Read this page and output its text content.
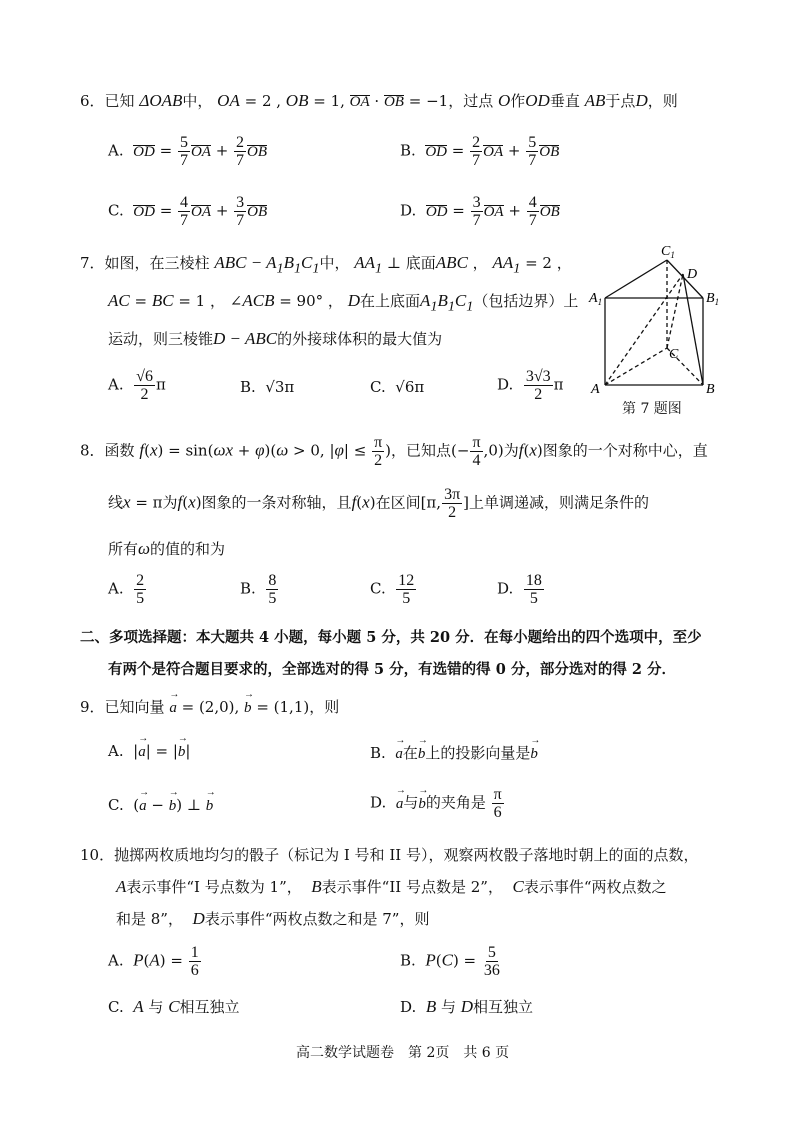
6．已知 ΔOAB中， OA = 2 , OB = 1, OA · OB = −1，过点 O作OD垂直 AB于点D，则
A. OD = $\frac{5}{7}$ OA + $\frac{2}{7}$ OB	B. OD = $\frac{2}{7}$ OA + $\frac{5}{7}$ OB
C. OD = $\frac{4}{7}$ OA + $\frac{3}{7}$ OB	D. OD = $\frac{3}{7}$ OA + $\frac{4}{7}$ OB
7．如图，在三棱柱 ABC − $A_1B_1C_1$中， $AA_1$ ⊥ 底面ABC ， $AA_1 = 2$ ，
AC = BC = 1 ， ∠ACB = 90° ， D在上底面$A_1B_1C_1$（包括边界）上
运动，则三棱锥D − ABC的外接球体积的最大值为
A. $\frac{√6}{2}$ π	B.  √3π	C.  √6π	D. $\frac{3√3}{2}$ π
$C_1$
D
$A_1$	$B_1$
C
A	B
第 7 题图
8．函数 f(x) = sin(ωx + φ)(ω > 0, $|\varphi| \le \frac{\pi}{2}$ )，已知点(− $\frac{\pi}{4} ,0$)为f(x)图象的一个对称中心，直
线x = π为f(x)图象的一条对称轴，且f(x)在区间[π, $\frac{3\pi}{2}$ ]上单调递减，则满足条件的
所有ω的值的和为
A. $\frac{2}{5}$	B. $\frac{8}{5}$	C. $\frac{12}{5}$	D. $\frac{18}{5}$
二、多项选择题：本大题共 4 小题，每小题 5 分，共 20 分．在每小题给出的四个选项中，至少
有两个是符合题目要求的，全部选对的得 5 分，有选错的得 0 分，部分选对的得 2 分．
9．已知向量 a → = (2,0), b → = (1,1)，则
A.  |a →| = |b →|	B. a →在b →上的投影向量是b →
C.  (a → − b →) ⊥ b →	D. a →与b →的夹角是 $\frac{\pi}{6}$
10．抛掷两枚质地均匀的骰子（标记为 I 号和 II 号），观察两枚骰子落地时朝上的面的点数，
A表示事件“I 号点数为 1”， B表示事件“II 号点数是 2”， C表示事件“两枚点数之
和是 8”， D表示事件“两枚点数之和是 7”，则
A. $P(A) = \frac{1}{6}$	B. $P(C) = \frac{5}{36}$
C. A 与 C相互独立	D. B 与 D相互独立
高二数学试题卷　第 2页　共 6 页
